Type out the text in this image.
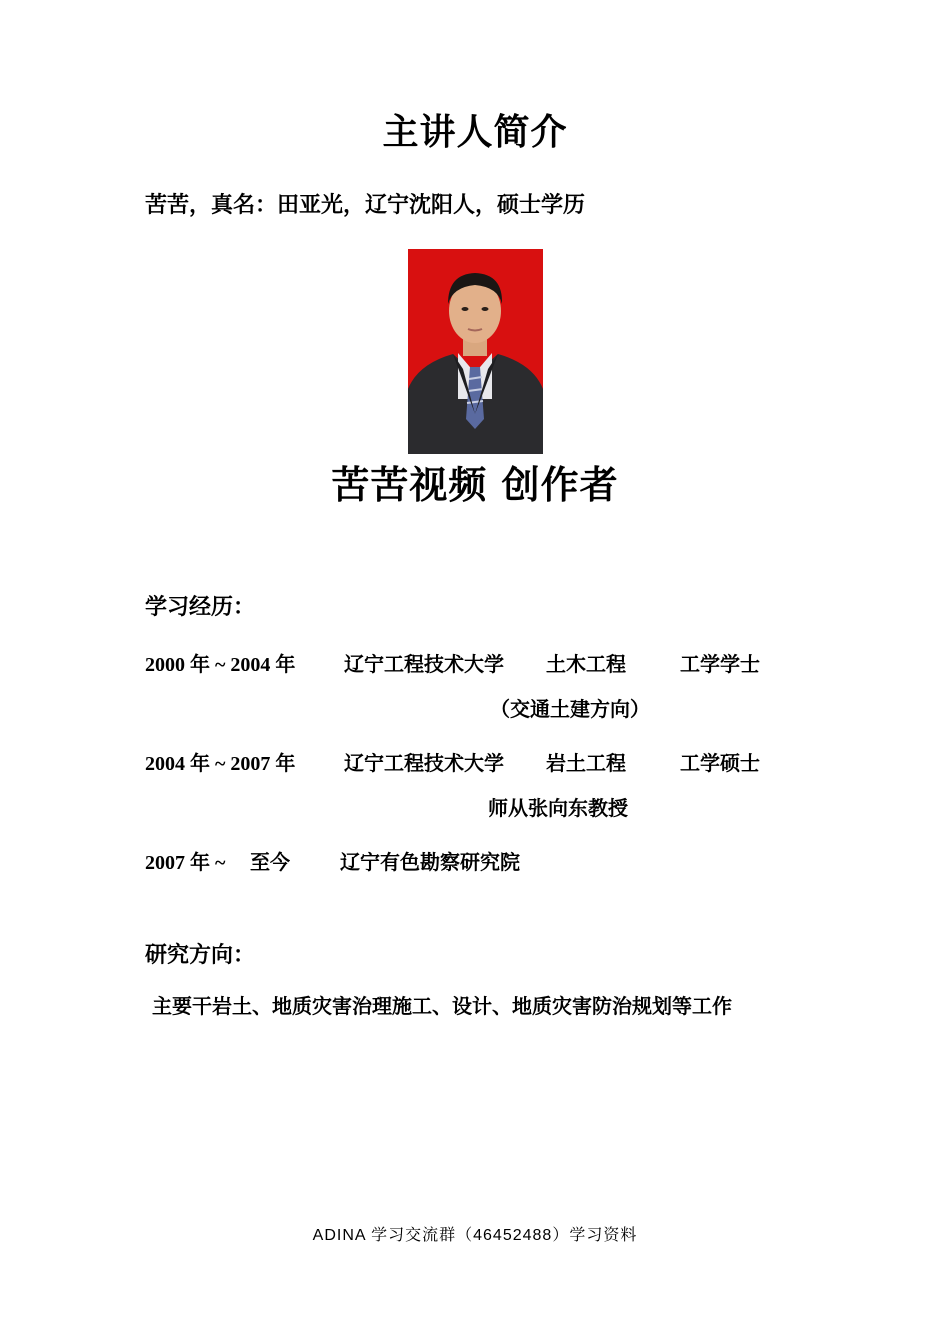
主讲人简介
苦苦，真名：田亚光，辽宁沈阳人，硕士学历
苦苦视频 创作者
学习经历：
2000 年 ~ 2004 年 辽宁工程技术大学 土木工程	工学学士
（交通土建方向）
2004 年 ~ 2007 年 辽宁工程技术大学 岩土工程	工学硕士
师从张向东教授
2007 年 ~ 至今	辽宁有色勘察研究院
研究方向：
主要干岩土、地质灾害治理施工、设计、地质灾害防治规划等工作
ADINA 学习交流群（46452488）学习资料
